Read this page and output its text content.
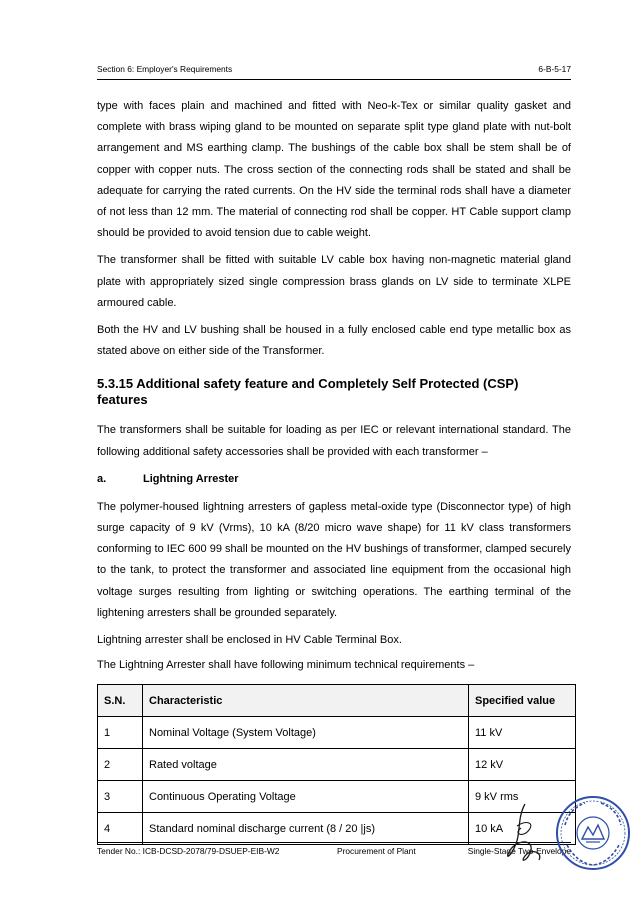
Section 6: Employer's Requirements	6-B-5-17

type with faces plain and machined and fitted with Neo-k-Tex or similar quality gasket and complete with brass wiping gland to be mounted on separate split type gland plate with nut-bolt arrangement and MS earthing clamp. The bushings of the cable box shall be stem shall be of copper with copper nuts. The cross section of the connecting rods shall be stated and shall be adequate for carrying the rated currents. On the HV side the terminal rods shall have a diameter of not less than 12 mm. The material of connecting rod shall be copper. HT Cable support clamp should be provided to avoid tension due to cable weight.

The transformer shall be fitted with suitable LV cable box having non-magnetic material gland plate with appropriately sized single compression brass glands on LV side to terminate XLPE armoured cable.

Both the HV and LV bushing shall be housed in a fully enclosed cable end type metallic box as stated above on either side of the Transformer.

5.3.15 Additional safety feature and Completely Self Protected (CSP) features

The transformers shall be suitable for loading as per IEC or relevant international standard. The following additional safety accessories shall be provided with each transformer –

a.	Lightning Arrester

The polymer-housed lightning arresters of gapless metal-oxide type (Disconnector type) of high surge capacity of 9 kV (Vrms), 10 kA (8/20 micro wave shape) for 11 kV class transformers conforming to IEC 600 99 shall be mounted on the HV bushings of transformer, clamped securely to the tank, to protect the transformer and associated line equipment from the occasional high voltage surges resulting from lighting or switching operations. The earthing terminal of the lightening arresters shall be grounded separately.

Lightning arrester shall be enclosed in HV Cable Terminal Box.

The Lightning Arrester shall have following minimum technical requirements –

S.N.	Characteristic	Specified value
1	Nominal Voltage (System Voltage)	11 kV
2	Rated voltage	12 kV
3	Continuous Operating Voltage	9 kV rms
4	Standard nominal discharge current (8 / 20 |js)	10 kA
Tender No.: ICB-DCSD-2078/79-DSUEP-EIB-W2	Procurement of Plant	Single-Stage Two-Envelope
